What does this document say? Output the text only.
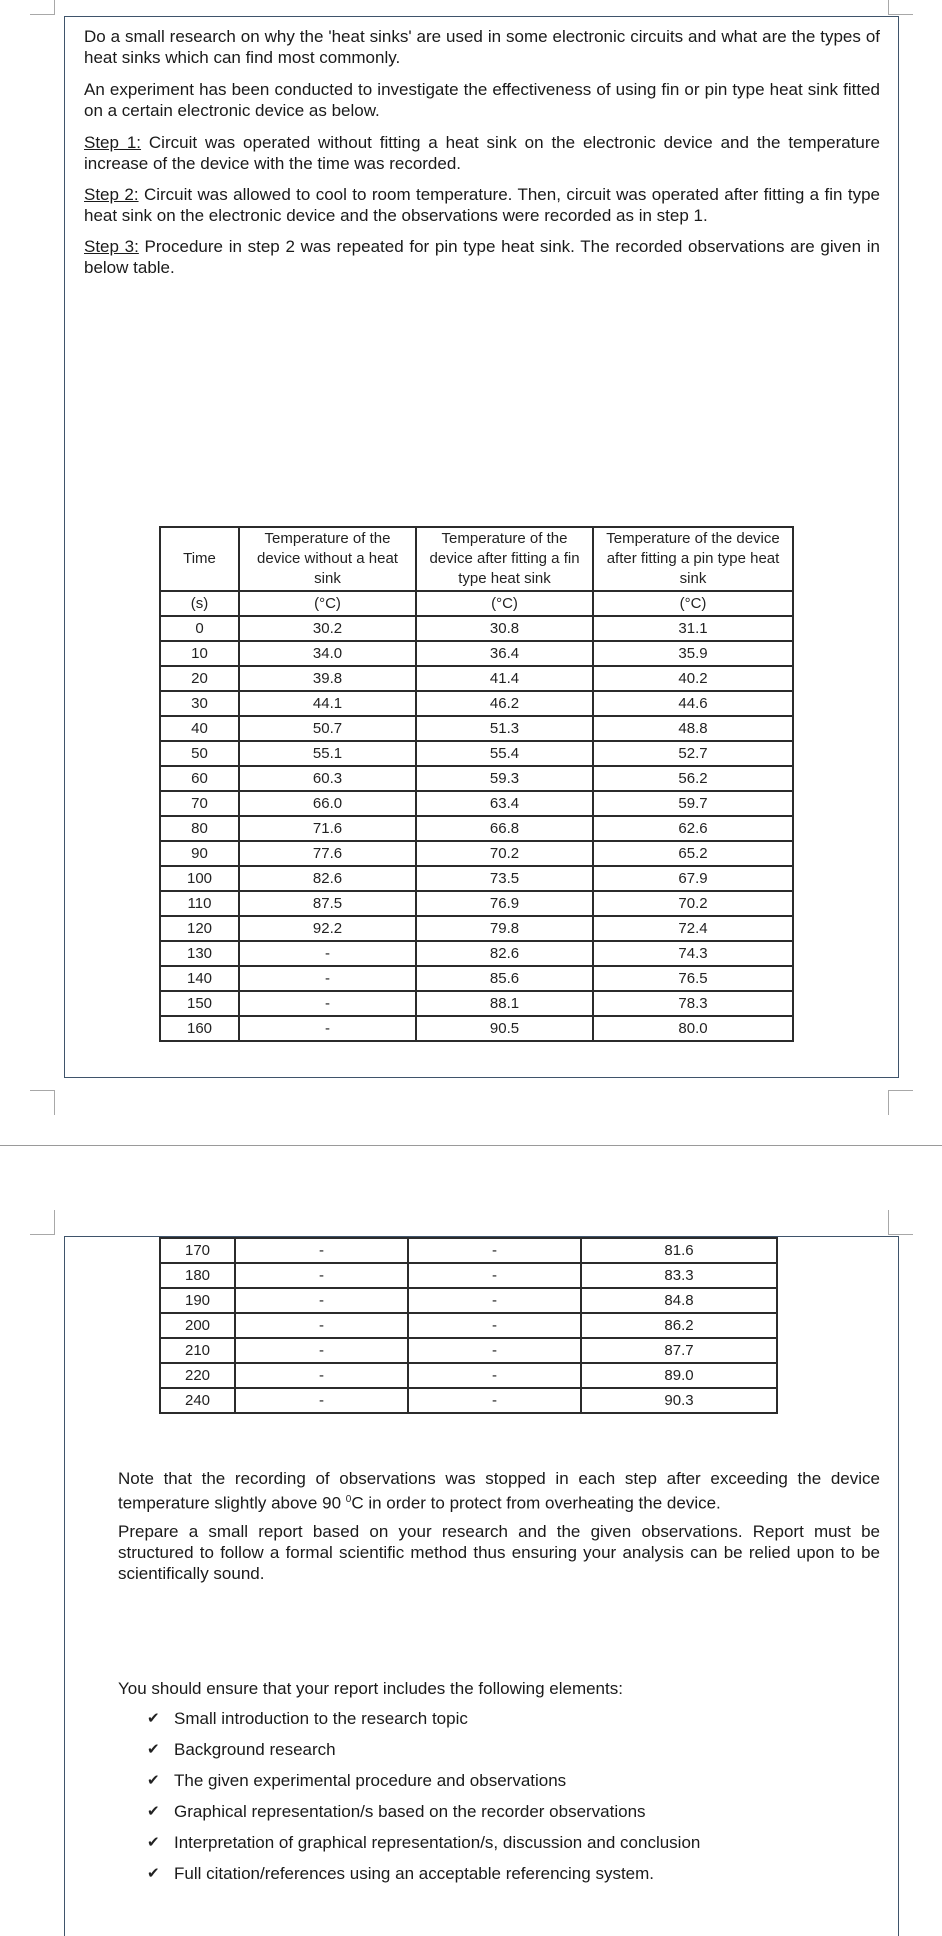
Do a small research on why the 'heat sinks' are used in some electronic circuits and what are the types of heat sinks which can find most commonly.

An experiment has been conducted to investigate the effectiveness of using fin or pin type heat sink fitted on a certain electronic device as below.

Step 1: Circuit was operated without fitting a heat sink on the electronic device and the temperature increase of the device with the time was recorded.

Step 2: Circuit was allowed to cool to room temperature. Then, circuit was operated after fitting a fin type heat sink on the electronic device and the observations were recorded as in step 1.

Step 3: Procedure in step 2 was repeated for pin type heat sink. The recorded observations are given in below table.

Time	Temperature of the device without a heat sink	Temperature of the device after fitting a fin type heat sink	Temperature of the device after fitting a pin type heat sink
(s)	(°C)	(°C)	(°C)
0	30.2	30.8	31.1
10	34.0	36.4	35.9
20	39.8	41.4	40.2
30	44.1	46.2	44.6
40	50.7	51.3	48.8
50	55.1	55.4	52.7
60	60.3	59.3	56.2
70	66.0	63.4	59.7
80	71.6	66.8	62.6
90	77.6	70.2	65.2
100	82.6	73.5	67.9
110	87.5	76.9	70.2
120	92.2	79.8	72.4
130	-	82.6	74.3
140	-	85.6	76.5
150	-	88.1	78.3
160	-	90.5	80.0
170	-	-	81.6
180	-	-	83.3
190	-	-	84.8
200	-	-	86.2
210	-	-	87.7
220	-	-	89.0
240	-	-	90.3

Note that the recording of observations was stopped in each step after exceeding the device temperature slightly above 90 $^0$C in order to protect from overheating the device.

Prepare a small report based on your research and the given observations. Report must be structured to follow a formal scientific method thus ensuring your analysis can be relied upon to be scientifically sound.

You should ensure that your report includes the following elements:

✔ Small introduction to the research topic
✔ Background research
✔ The given experimental procedure and observations
✔ Graphical representation/s based on the recorder observations
✔ Interpretation of graphical representation/s, discussion and conclusion
✔ Full citation/references using an acceptable referencing system.
